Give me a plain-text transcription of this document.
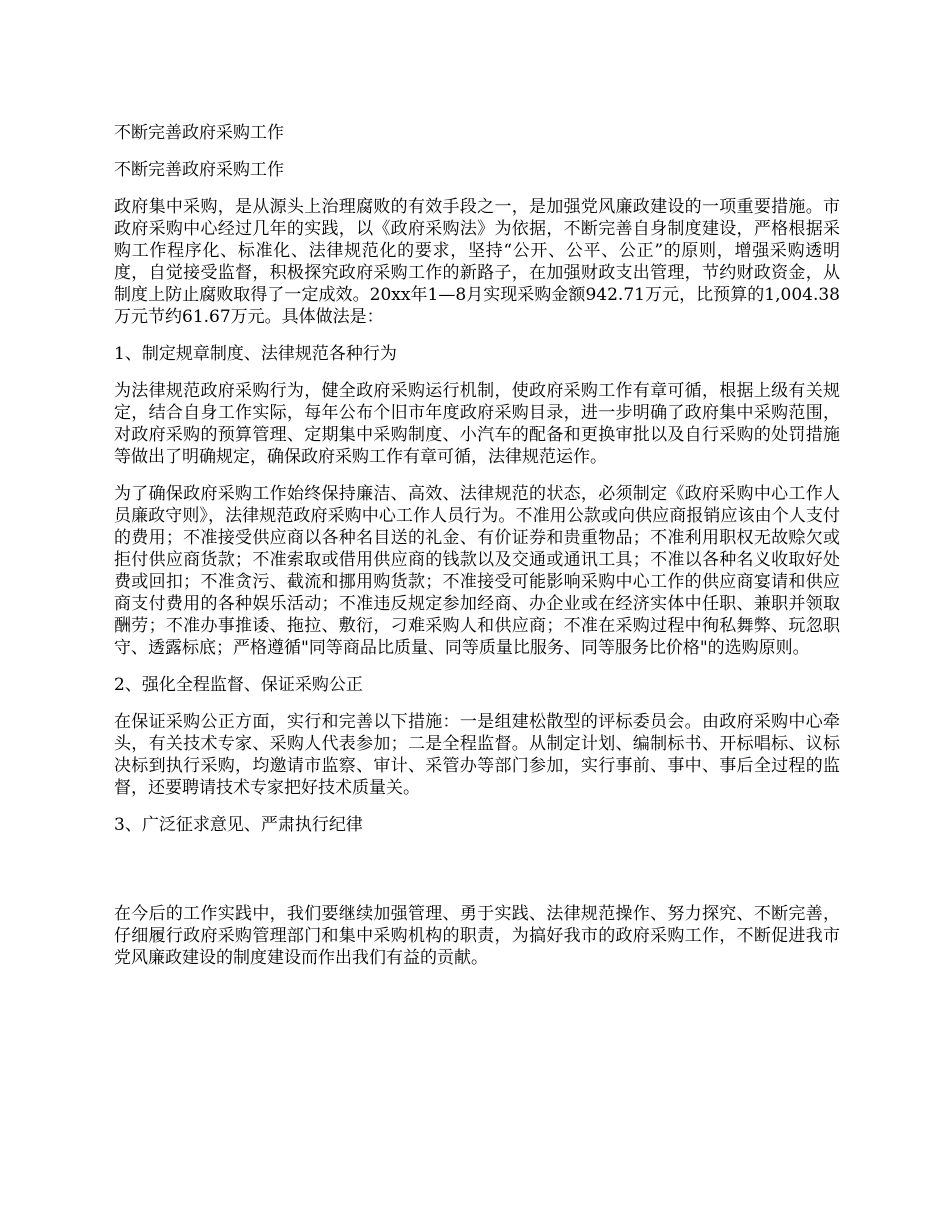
不断完善政府采购工作

不断完善政府采购工作

政府集中采购，是从源头上治理腐败的有效手段之一，是加强党风廉政建设的一项重要措施。市政府采购中心经过几年的实践，以《政府采购法》为依据，不断完善自身制度建设，严格根据采购工作程序化、标准化、法律规范化的要求，坚持“公开、公平、公正”的原则，增强采购透明度，自觉接受监督，积极探究政府采购工作的新路子，在加强财政支出管理，节约财政资金，从制度上防止腐败取得了一定成效。20xx年1—8月实现采购金额942.71万元，比预算的1,004.38万元节约61.67万元。具体做法是：

1、制定规章制度、法律规范各种行为

为法律规范政府采购行为，健全政府采购运行机制，使政府采购工作有章可循，根据上级有关规定，结合自身工作实际，每年公布个旧市年度政府采购目录，进一步明确了政府集中采购范围，对政府采购的预算管理、定期集中采购制度、小汽车的配备和更换审批以及自行采购的处罚措施等做出了明确规定，确保政府采购工作有章可循，法律规范运作。

为了确保政府采购工作始终保持廉洁、高效、法律规范的状态，必须制定《政府采购中心工作人员廉政守则》，法律规范政府采购中心工作人员行为。不准用公款或向供应商报销应该由个人支付的费用；不准接受供应商以各种名目送的礼金、有价证券和贵重物品；不准利用职权无故赊欠或拒付供应商货款；不准索取或借用供应商的钱款以及交通或通讯工具；不准以各种名义收取好处费或回扣；不准贪污、截流和挪用购货款；不准接受可能影响采购中心工作的供应商宴请和供应商支付费用的各种娱乐活动；不准违反规定参加经商、办企业或在经济实体中任职、兼职并领取酬劳；不准办事推诿、拖拉、敷衍，刁难采购人和供应商；不准在采购过程中徇私舞弊、玩忽职守、透露标底；严格遵循"同等商品比质量、同等质量比服务、同等服务比价格"的选购原则。

2、强化全程监督、保证采购公正

在保证采购公正方面，实行和完善以下措施：一是组建松散型的评标委员会。由政府采购中心牵头，有关技术专家、采购人代表参加；二是全程监督。从制定计划、编制标书、开标唱标、议标决标到执行采购，均邀请市监察、审计、采管办等部门参加，实行事前、事中、事后全过程的监督，还要聘请技术专家把好技术质量关。

3、广泛征求意见、严肃执行纪律

在今后的工作实践中，我们要继续加强管理、勇于实践、法律规范操作、努力探究、不断完善，仔细履行政府采购管理部门和集中采购机构的职责，为搞好我市的政府采购工作，不断促进我市党风廉政建设的制度建设而作出我们有益的贡献。
